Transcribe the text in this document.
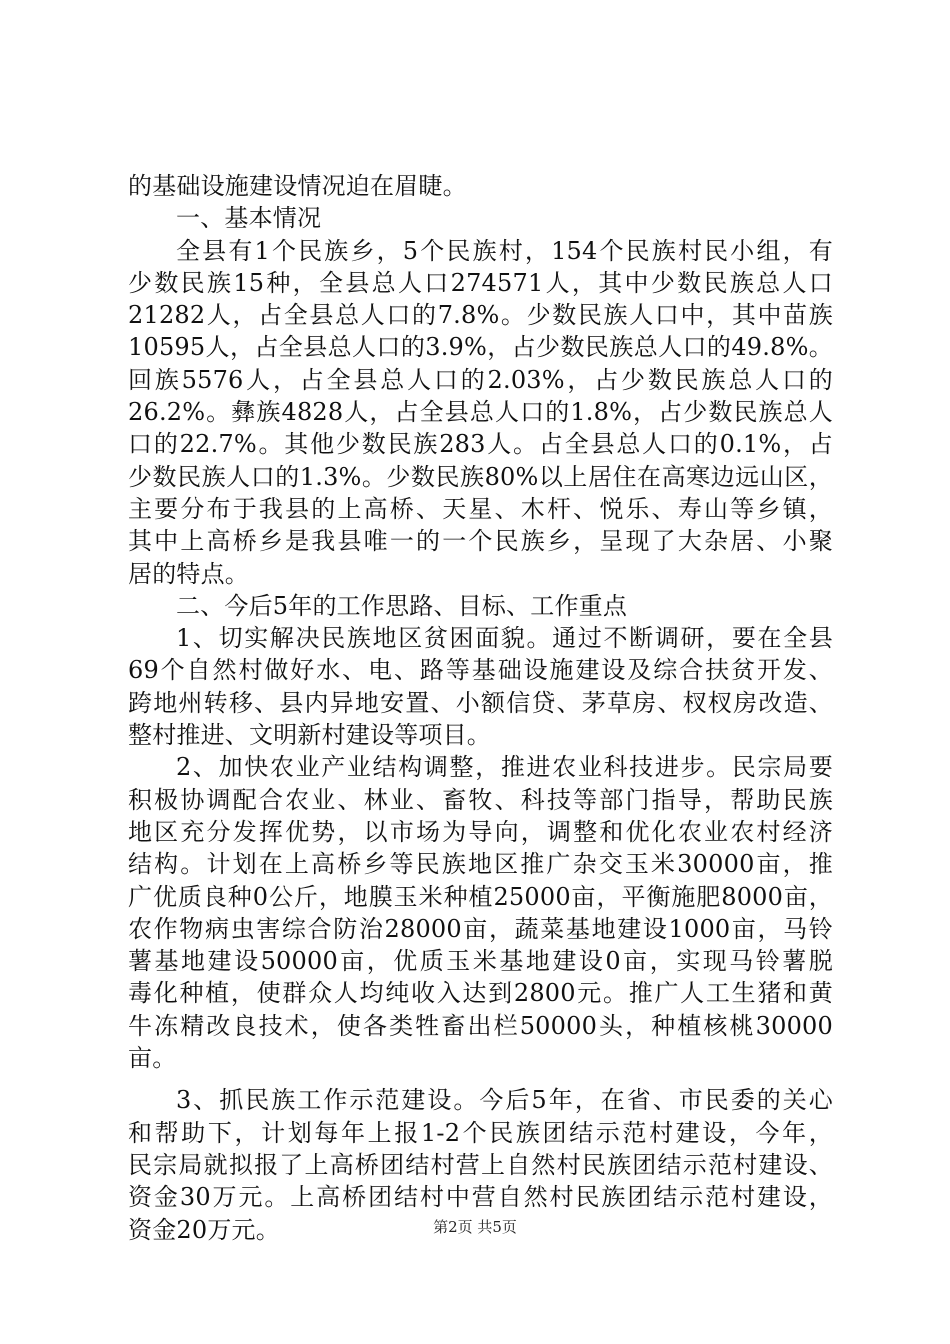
的基础设施建设情况迫在眉睫。
一、基本情况
全县有1个民族乡，5个民族村，154个民族村民小组，有
少数民族15种，全县总人口274571人，其中少数民族总人口
21282人，占全县总人口的7.8%。少数民族人口中，其中苗族
10595人，占全县总人口的3.9%，占少数民族总人口的49.8%。
回族5576人，占全县总人口的2.03%，占少数民族总人口的
26.2%。彝族4828人，占全县总人口的1.8%，占少数民族总人
口的22.7%。其他少数民族283人。占全县总人口的0.1%，占
少数民族人口的1.3%。少数民族80%以上居住在高寒边远山区，
主要分布于我县的上高桥、天星、木杆、悦乐、寿山等乡镇，
其中上高桥乡是我县唯一的一个民族乡，呈现了大杂居、小聚
居的特点。
二、今后5年的工作思路、目标、工作重点
1、切实解决民族地区贫困面貌。通过不断调研，要在全县
69个自然村做好水、电、路等基础设施建设及综合扶贫开发、
跨地州转移、县内异地安置、小额信贷、茅草房、杈杈房改造、
整村推进、文明新村建设等项目。
2、加快农业产业结构调整，推进农业科技进步。民宗局要
积极协调配合农业、林业、畜牧、科技等部门指导，帮助民族
地区充分发挥优势，以市场为导向，调整和优化农业农村经济
结构。计划在上高桥乡等民族地区推广杂交玉米30000亩，推
广优质良种0公斤，地膜玉米种植25000亩，平衡施肥8000亩，
农作物病虫害综合防治28000亩，蔬菜基地建设1000亩，马铃
薯基地建设50000亩，优质玉米基地建设0亩，实现马铃薯脱
毒化种植，使群众人均纯收入达到2800元。推广人工生猪和黄
牛冻精改良技术，使各类牲畜出栏50000头，种植核桃30000
亩。
3、抓民族工作示范建设。今后5年，在省、市民委的关心
和帮助下，计划每年上报1-2个民族团结示范村建设，今年，
民宗局就拟报了上高桥团结村营上自然村民族团结示范村建设、
资金30万元。上高桥团结村中营自然村民族团结示范村建设，
资金20万元。	第2页 共5页
